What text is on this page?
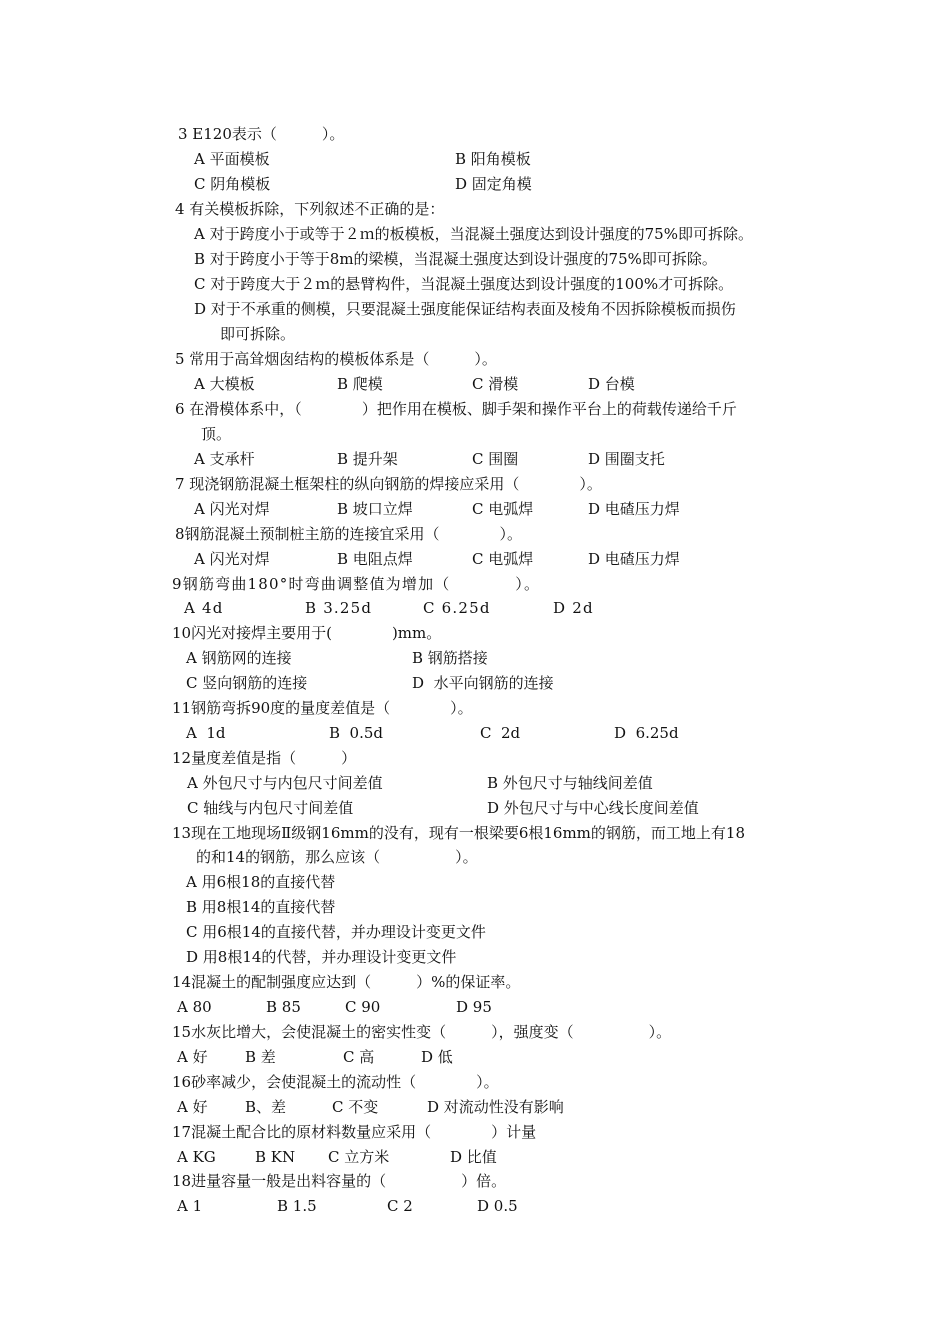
3 E120表示（　　　）。
A 平面模板	B 阳角模板
C 阴角模板	D 固定角模
4 有关模板拆除，下列叙述不正确的是：
A 对于跨度小于或等于２ｍ的板模板，当混凝土强度达到设计强度的75%即可拆除。
B 对于跨度小于等于8m的梁模，当混凝土强度达到设计强度的75%即可拆除。
C 对于跨度大于２ｍ的悬臂构件，当混凝土强度达到设计强度的100%才可拆除。
D 对于不承重的侧模，只要混凝土强度能保证结构表面及棱角不因拆除模板而损伤
即可拆除。
5 常用于高耸烟囱结构的模板体系是（　　　）。
A 大模板	B 爬模	C 滑模	D 台模
6 在滑模体系中，（　　　　）把作用在模板、脚手架和操作平台上的荷载传递给千斤
顶。
A 支承杆	B 提升架	C 围圈	D 围圈支托
7 现浇钢筋混凝土框架柱的纵向钢筋的焊接应采用（　　　　）。
A 闪光对焊	B 坡口立焊	C 电弧焊	D 电碴压力焊
8钢筋混凝土预制桩主筋的连接宜采用（　　　　）。
A 闪光对焊	B 电阻点焊	C 电弧焊	D 电碴压力焊
9钢筋弯曲180°时弯曲调整值为增加（　　　　）。
A 4d	B 3.25d	C 6.25d	D 2d
10闪光对接焊主要用于(　　　　)mm。
A 钢筋网的连接	B 钢筋搭接
C 竖向钢筋的连接	D  水平向钢筋的连接
11钢筋弯拆90度的量度差值是（　　　　）。
A  1d	B  0.5d	C  2d	D  6.25d
12量度差值是指（　　　）
A 外包尺寸与内包尺寸间差值	B 外包尺寸与轴线间差值
C 轴线与内包尺寸间差值	D 外包尺寸与中心线长度间差值
13现在工地现场Ⅱ级钢16mm的没有，现有一根梁要6根16mm的钢筋，而工地上有18
的和14的钢筋，那么应该（　　　　　）。
A 用6根18的直接代替
B 用8根14的直接代替
C 用6根14的直接代替，并办理设计变更文件
D 用8根14的代替，并办理设计变更文件
14混凝土的配制强度应达到（　　　）%的保证率。
A 80	B 85	C 90	D 95
15水灰比增大，会使混凝土的密实性变（　　　），强度变（　　　　　）。
A 好 B 差	C 高	D 低
16砂率减少，会使混凝土的流动性（　　　　）。
A 好 B、差	C 不变	D 对流动性没有影响
17混凝土配合比的原材料数量应采用（　　　　）计量
A KG	B KN C 立方米	D 比值
18进量容量一般是出料容量的（　　　　　）倍。
A 1	B 1.5	C 2	D 0.5
